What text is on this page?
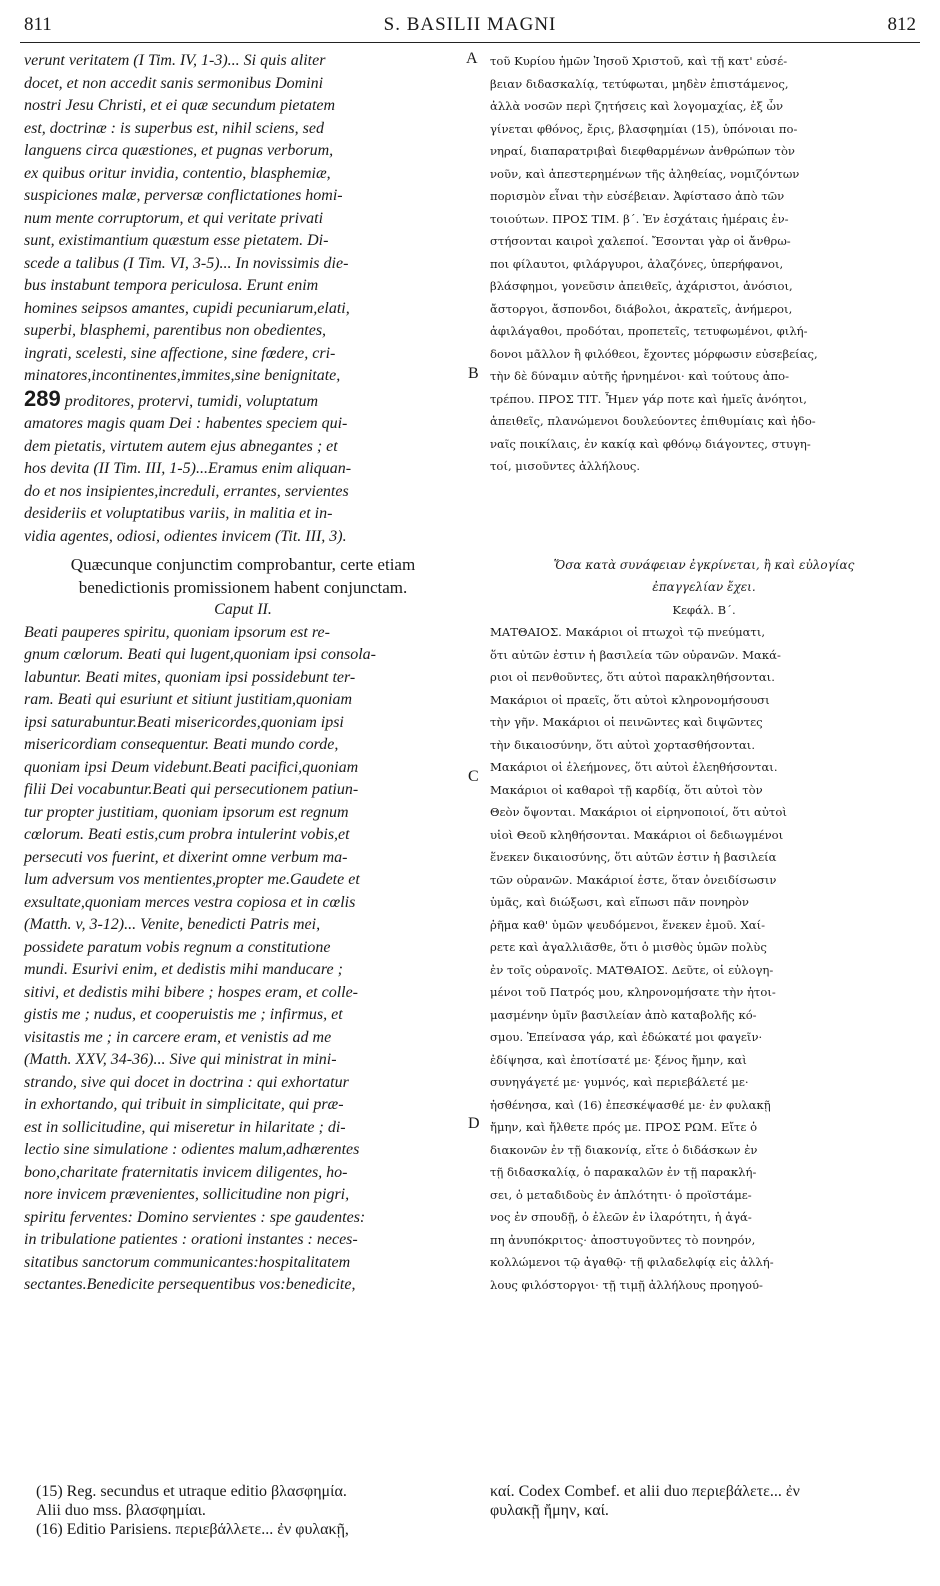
811	S. BASILII MAGNI	812
A
B
C
D

verunt veritatem (I Tim. IV, 1-3)... Si quis aliter

docet, et non accedit sanis sermonibus Domini

nostri Jesu Christi, et ei quæ secundum pietatem

est, doctrinæ : is superbus est, nihil sciens, sed

languens circa quæstiones, et pugnas verborum,

ex quibus oritur invidia, contentio, blasphemiæ,

suspiciones malæ, perversæ conflictationes homi-

num mente corruptorum, et qui veritate privati

sunt, existimantium quæstum esse pietatem. Di-

scede a talibus (I Tim. VI, 3-5)... In novissimis die-

bus instabunt tempora periculosa. Erunt enim

homines seipsos amantes, cupidi pecuniarum,elati,

superbi, blasphemi, parentibus non obedientes,

ingrati, scelesti, sine affectione, sine fœdere, cri-

minatores,incontinentes,immites,sine benignitate,

289 proditores, protervi, tumidi, voluptatum

amatores magis quam Dei : habentes speciem qui-

dem pietatis, virtutem autem ejus abnegantes ; et

hos devita (II Tim. III, 1-5)...Eramus enim aliquan-

do et nos insipientes,increduli, errantes, servientes

desideriis et voluptatibus variis, in malitia et in-

vidia agentes, odiosi, odientes invicem (Tit. III, 3).

Quæcunque conjunctim comprobantur, certe etiam

benedictionis promissionem habent conjunctam.

Caput II.

Beati pauperes spiritu, quoniam ipsorum est re-

gnum cœlorum. Beati qui lugent,quoniam ipsi consola-

labuntur. Beati mites, quoniam ipsi possidebunt ter-

ram. Beati qui esuriunt et sitiunt justitiam,quoniam

ipsi saturabuntur.Beati misericordes,quoniam ipsi

misericordiam consequentur. Beati mundo corde,

quoniam ipsi Deum videbunt.Beati pacifici,quoniam

filii Dei vocabuntur.Beati qui persecutionem patiun-

tur propter justitiam, quoniam ipsorum est regnum

cœlorum. Beati estis,cum probra intulerint vobis,et

persecuti vos fuerint, et dixerint omne verbum ma-

lum adversum vos mentientes,propter me.Gaudete et

exsultate,quoniam merces vestra copiosa et in cœlis

(Matth. v, 3-12)... Venite, benedicti Patris mei,

possidete paratum vobis regnum a constitutione

mundi. Esurivi enim, et dedistis mihi manducare ;

sitivi, et dedistis mihi bibere ; hospes eram, et colle-

gistis me ; nudus, et cooperuistis me ; infirmus, et

visitastis me ; in carcere eram, et venistis ad me

(Matth. XXV, 34-36)... Sive qui ministrat in mini-

strando, sive qui docet in doctrina : qui exhortatur

in exhortando, qui tribuit in simplicitate, qui præ-

est in sollicitudine, qui miseretur in hilaritate ; di-

lectio sine simulatione : odientes malum,adhærentes

bono,charitate fraternitatis invicem diligentes, ho-

nore invicem prævenientes, sollicitudine non pigri,

spiritu ferventes: Domino servientes : spe gaudentes:

in tribulatione patientes : orationi instantes : neces-

sitatibus sanctorum communicantes:hospitalitatem

sectantes.Benedicite persequentibus vos:benedicite,

τοῦ Κυρίου ἡμῶν Ἰησοῦ Χριστοῦ, καὶ τῇ κατ' εὐσέ-

βειαν διδασκαλίᾳ, τετύφωται, μηδὲν ἐπιστάμενος,

ἀλλὰ νοσῶν περὶ ζητήσεις καὶ λογομαχίας, ἐξ ὧν

γίνεται φθόνος, ἔρις, βλασφημίαι (15), ὑπόνοιαι πο-

νηραί, διαπαρατριβαὶ διεφθαρμένων ἀνθρώπων τὸν

νοῦν, καὶ ἀπεστερημένων τῆς ἀληθείας, νομιζόντων

πορισμὸν εἶναι τὴν εὐσέβειαν. Ἀφίστασο ἀπὸ τῶν

τοιούτων. ΠΡΟΣ ΤΙΜ. β΄. Ἐν ἐσχάταις ἡμέραις ἐν-

στήσονται καιροὶ χαλεποί. Ἔσονται γὰρ οἱ ἄνθρω-

ποι φίλαυτοι, φιλάργυροι, ἀλαζόνες, ὑπερήφανοι,

βλάσφημοι, γονεῦσιν ἀπειθεῖς, ἀχάριστοι, ἀνόσιοι,

ἄστοργοι, ἄσπονδοι, διάβολοι, ἀκρατεῖς, ἀνήμεροι,

ἀφιλάγαθοι, προδόται, προπετεῖς, τετυφωμένοι, φιλή-

δονοι μᾶλλον ἢ φιλόθεοι, ἔχοντες μόρφωσιν εὐσεβείας,

τὴν δὲ δύναμιν αὐτῆς ἠρνημένοι· καὶ τούτους ἀπο-

τρέπου. ΠΡΟΣ ΤΙΤ. Ἦμεν γάρ ποτε καὶ ἡμεῖς ἀνόητοι,

ἀπειθεῖς, πλανώμενοι δουλεύοντες ἐπιθυμίαις καὶ ἡδο-

ναῖς ποικίλαις, ἐν κακίᾳ καὶ φθόνῳ διάγοντες, στυγη-

τοί, μισοῦντες ἀλλήλους.

Ὅσα κατὰ συνάφειαν ἐγκρίνεται, ἢ καὶ εὐλογίας

ἐπαγγελίαν ἔχει.

Κεφάλ. Β΄.

ΜΑΤΘΑΙΟΣ. Μακάριοι οἱ πτωχοὶ τῷ πνεύματι,

ὅτι αὐτῶν ἐστιν ἡ βασιλεία τῶν οὐρανῶν. Μακά-

ριοι οἱ πενθοῦντες, ὅτι αὐτοὶ παρακληθήσονται.

Μακάριοι οἱ πραεῖς, ὅτι αὐτοὶ κληρονομήσουσι

τὴν γῆν. Μακάριοι οἱ πεινῶντες καὶ διψῶντες

τὴν δικαιοσύνην, ὅτι αὐτοὶ χορτασθήσονται.

Μακάριοι οἱ ἐλεήμονες, ὅτι αὐτοὶ ἐλεηθήσονται.

Μακάριοι οἱ καθαροὶ τῇ καρδίᾳ, ὅτι αὐτοὶ τὸν

Θεὸν ὄψονται. Μακάριοι οἱ εἰρηνοποιοί, ὅτι αὐτοὶ

υἱοὶ Θεοῦ κληθήσονται. Μακάριοι οἱ δεδιωγμένοι

ἕνεκεν δικαιοσύνης, ὅτι αὐτῶν ἐστιν ἡ βασιλεία

τῶν οὐρανῶν. Μακάριοί ἐστε, ὅταν ὀνειδίσωσιν

ὑμᾶς, καὶ διώξωσι, καὶ εἴπωσι πᾶν πονηρὸν

ῥῆμα καθ' ὑμῶν ψευδόμενοι, ἕνεκεν ἐμοῦ. Χαί-

ρετε καὶ ἀγαλλιᾶσθε, ὅτι ὁ μισθὸς ὑμῶν πολὺς

ἐν τοῖς οὐρανοῖς. ΜΑΤΘΑΙΟΣ. Δεῦτε, οἱ εὐλογη-

μένοι τοῦ Πατρός μου, κληρονομήσατε τὴν ἡτοι-

μασμένην ὑμῖν βασιλείαν ἀπὸ καταβολῆς κό-

σμου. Ἐπείνασα γάρ, καὶ ἐδώκατέ μοι φαγεῖν·

ἐδίψησα, καὶ ἐποτίσατέ με· ξένος ἤμην, καὶ

συνηγάγετέ με· γυμνός, καὶ περιεβάλετέ με·

ἠσθένησα, καὶ (16) ἐπεσκέψασθέ με· ἐν φυλακῇ

ἤμην, καὶ ἤλθετε πρός με. ΠΡΟΣ ΡΩΜ. Εἴτε ὁ

διακονῶν ἐν τῇ διακονίᾳ, εἴτε ὁ διδάσκων ἐν

τῇ διδασκαλίᾳ, ὁ παρακαλῶν ἐν τῇ παρακλή-

σει, ὁ μεταδιδοὺς ἐν ἁπλότητι· ὁ προϊστάμε-

νος ἐν σπουδῇ, ὁ ἐλεῶν ἐν ἱλαρότητι, ἡ ἀγά-

πη ἀνυπόκριτος· ἀποστυγοῦντες τὸ πονηρόν,

κολλώμενοι τῷ ἀγαθῷ· τῇ φιλαδελφίᾳ εἰς ἀλλή-

λους φιλόστοργοι· τῇ τιμῇ ἀλλήλους προηγού-

(15) Reg. secundus et utraque editio βλασφημία.

Alii duo mss. βλασφημίαι.

(16) Editio Parisiens. περιεβάλλετε... ἐν φυλακῇ,

καί. Codex Combef. et alii duo περιεβάλετε... ἐν

φυλακῇ ἤμην, καί.
